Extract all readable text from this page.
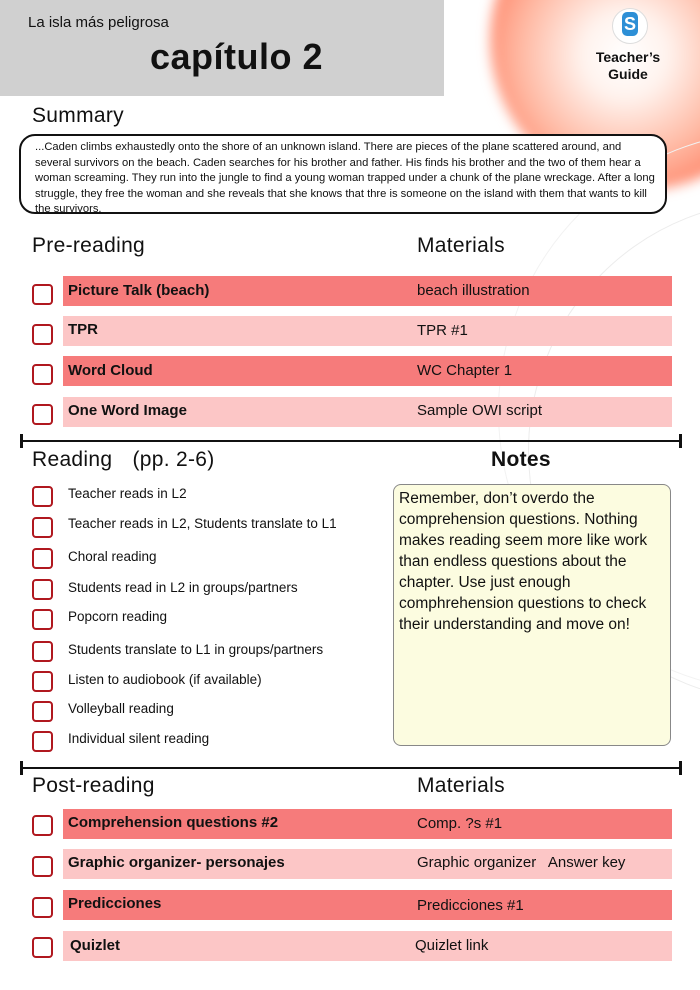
La isla más peligrosa
capítulo 2
S
Teacher’s
Guide
Summary
...Caden climbs exhaustedly onto the shore of an unknown island. There are pieces of the plane scattered around, and several survivors on the beach. Caden searches for his brother and father. His finds his brother and the two of them hear a woman screaming. They run into the jungle to find a young woman trapped under a chunk of the plane wreckage. After a long struggle, they free the woman and she reveals that she knows that thre is someone on the island with them that wants to kill the survivors.
Pre-reading	Materials
Picture Talk (beach)	beach illustration
TPR	TPR #1
Word Cloud	WC Chapter 1
One Word Image	Sample OWI script
Reading (pp. 2-6)	Notes
Teacher reads in L2
Teacher reads in L2, Students translate to L1
Choral reading
Students read in L2 in groups/partners
Popcorn reading
Students translate to L1 in groups/partners
Listen to audiobook (if available)
Volleyball reading
Individual silent reading
Remember, don’t overdo the comprehension questions. Nothing makes reading seem more like work than endless questions about the chapter. Use just enough comphrehension questions to check their understanding and move on!
Post-reading	Materials
Comprehension questions #2	Comp. ?s #1
Graphic organizer- personajes	Graphic organizer   Answer key
Predicciones	Predicciones #1
Quizlet	Quizlet link
